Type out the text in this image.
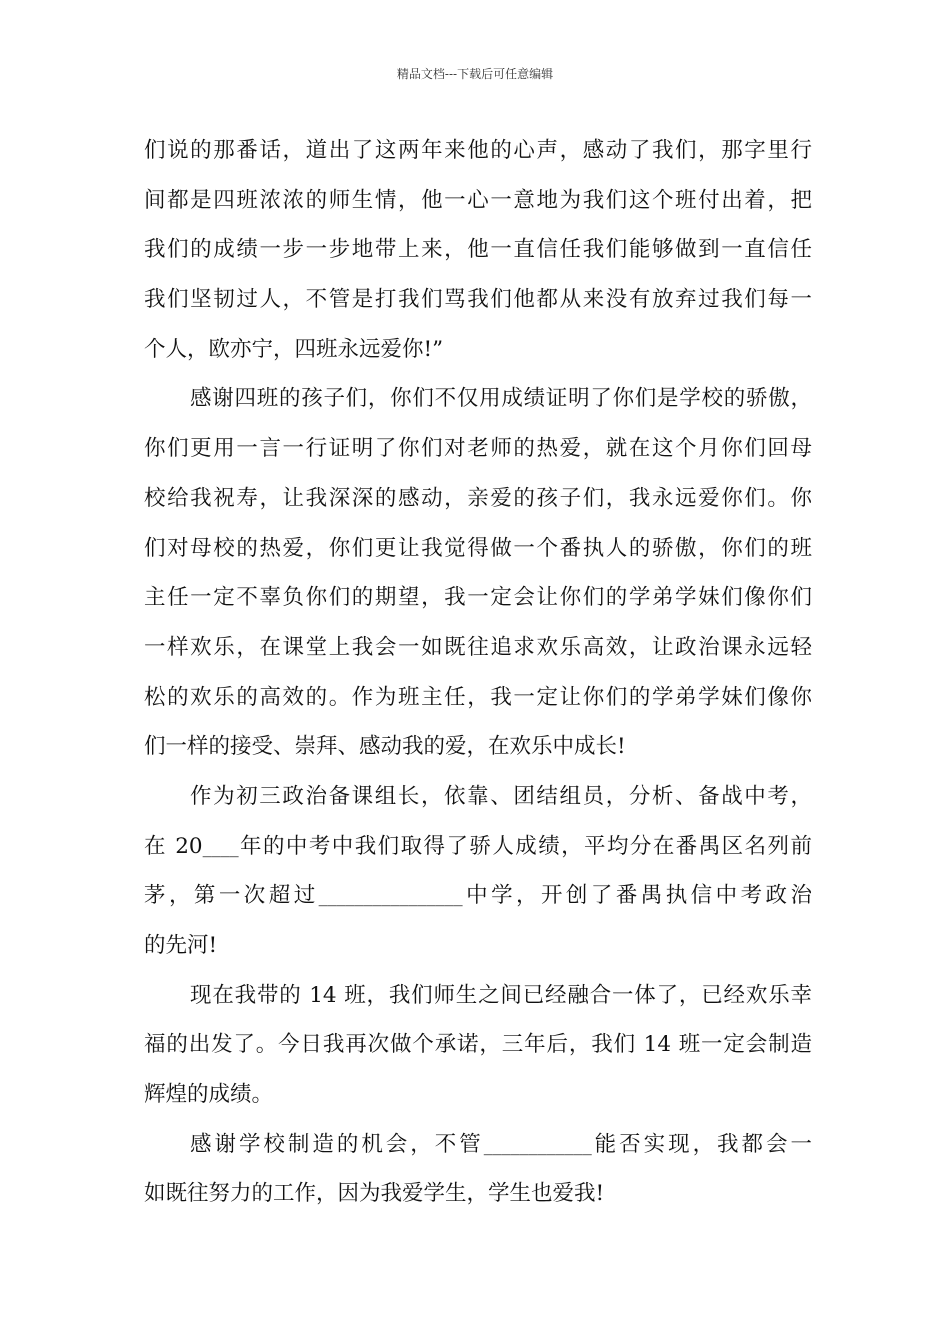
精品文档---下载后可任意编辑
们说的那番话，道出了这两年来他的心声，感动了我们，那字里行
间都是四班浓浓的师生情，他一心一意地为我们这个班付出着，把
我们的成绩一步一步地带上来，他一直信任我们能够做到一直信任
我们坚韧过人，不管是打我们骂我们他都从来没有放弃过我们每一
个人，欧亦宁，四班永远爱你!”
感谢四班的孩子们，你们不仅用成绩证明了你们是学校的骄傲，
你们更用一言一行证明了你们对老师的热爱，就在这个月你们回母
校给我祝寿，让我深深的感动，亲爱的孩子们，我永远爱你们。你
们对母校的热爱，你们更让我觉得做一个番执人的骄傲，你们的班
主任一定不辜负你们的期望，我一定会让你们的学弟学妹们像你们
一样欢乐，在课堂上我会一如既往追求欢乐高效，让政治课永远轻
松的欢乐的高效的。作为班主任，我一定让你们的学弟学妹们像你
们一样的接受、崇拜、感动我的爱，在欢乐中成长!
作为初三政治备课组长，依靠、团结组员，分析、备战中考，
在 20____年的中考中我们取得了骄人成绩，平均分在番禺区名列前
茅，第一次超过________________中学，开创了番禺执信中考政治
的先河!
现在我带的 14 班，我们师生之间已经融合一体了，已经欢乐幸
福的出发了。今日我再次做个承诺，三年后，我们 14 班一定会制造
辉煌的成绩。
感谢学校制造的机会，不管____________能否实现，我都会一
如既往努力的工作，因为我爱学生，学生也爱我!
